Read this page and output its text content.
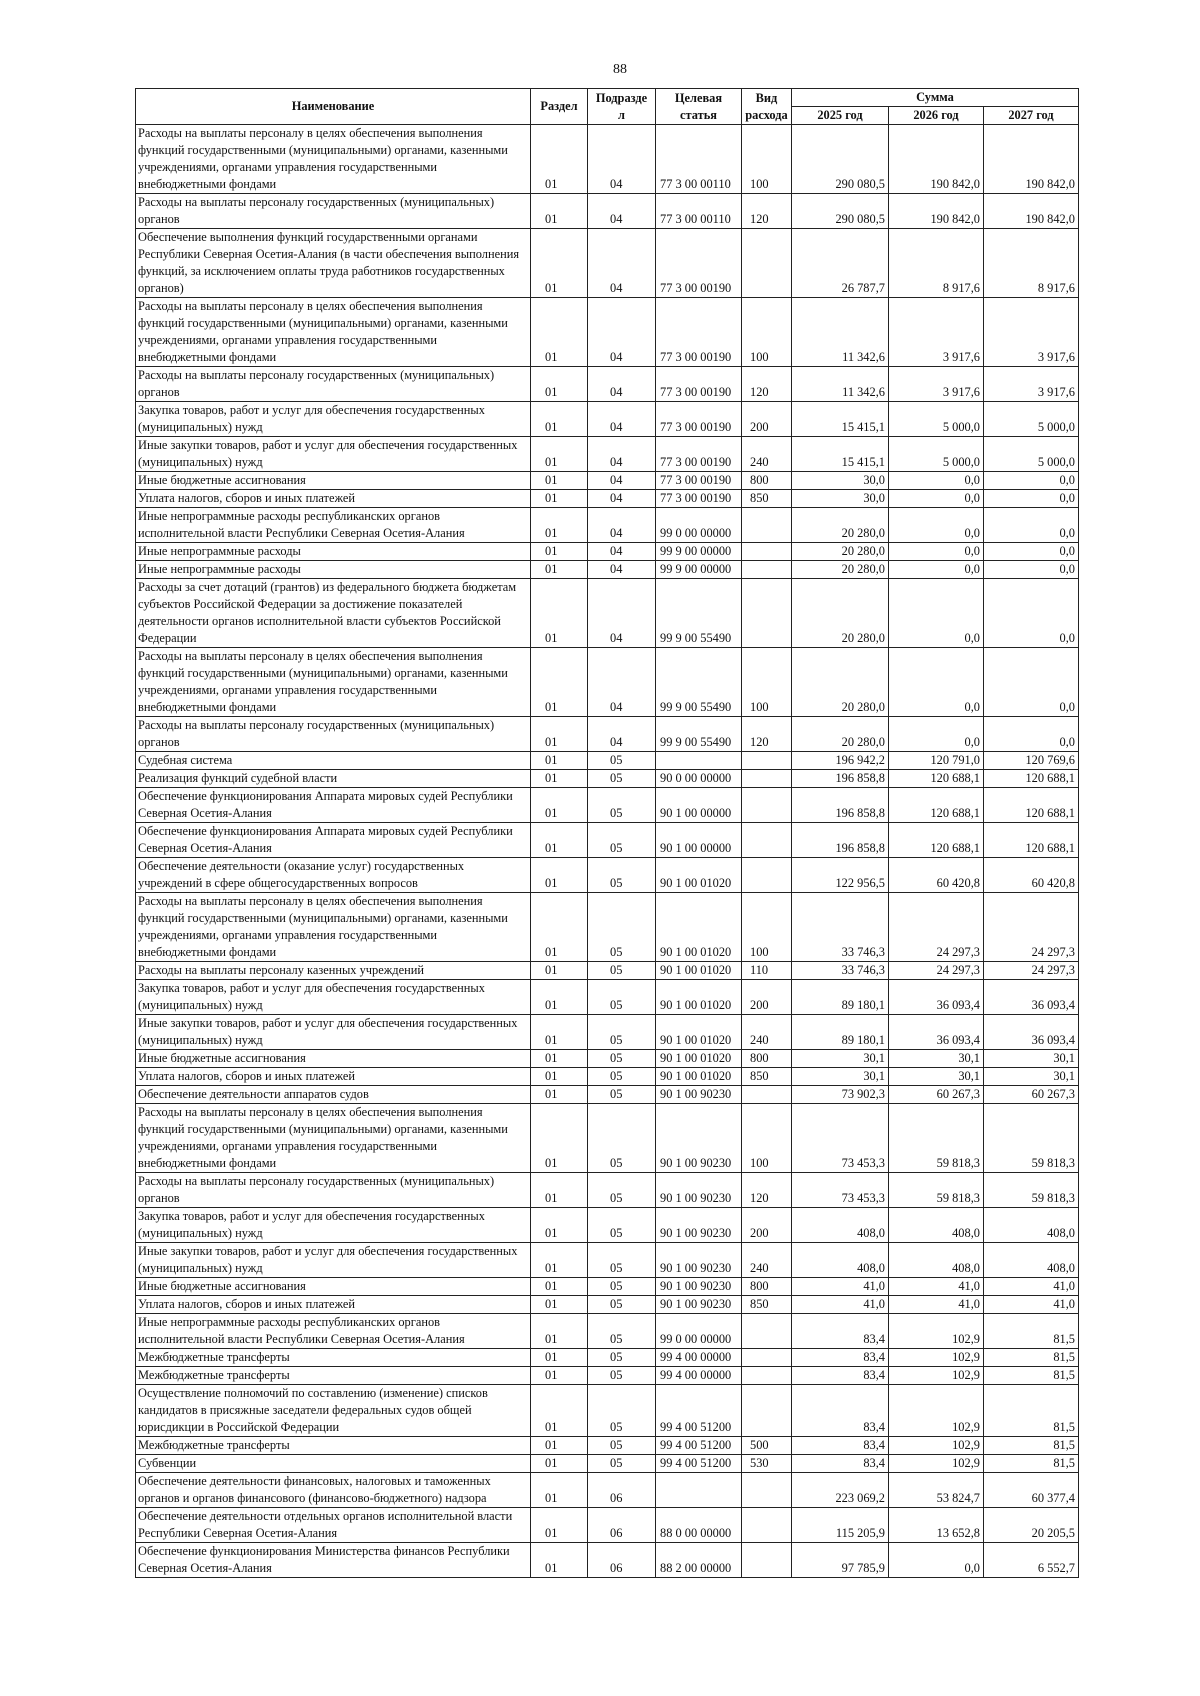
88
Наименование	Раздел	Подразде л	Целевая статья	Вид расхода	Сумма		
					2025 год	2026 год	2027 год
Расходы на выплаты персоналу в целях обеспечения выполнения функций государственными (муниципальными) органами, казенными учреждениями, органами управления государственными внебюджетными фондами	01	04	77 3 00 00110	100	290 080,5	190 842,0	190 842,0
Расходы на выплаты персоналу государственных (муниципальных) органов	01	04	77 3 00 00110	120	290 080,5	190 842,0	190 842,0
Обеспечение выполнения функций государственными органами Республики Северная Осетия-Алания (в части обеспечения выполнения функций, за исключением оплаты труда работников государственных органов)	01	04	77 3 00 00190		26 787,7	8 917,6	8 917,6
Расходы на выплаты персоналу в целях обеспечения выполнения функций государственными (муниципальными) органами, казенными учреждениями, органами управления государственными внебюджетными фондами	01	04	77 3 00 00190	100	11 342,6	3 917,6	3 917,6
Расходы на выплаты персоналу государственных (муниципальных) органов	01	04	77 3 00 00190	120	11 342,6	3 917,6	3 917,6
Закупка товаров, работ и услуг для обеспечения государственных (муниципальных) нужд	01	04	77 3 00 00190	200	15 415,1	5 000,0	5 000,0
Иные закупки товаров, работ и услуг для обеспечения государственных (муниципальных) нужд	01	04	77 3 00 00190	240	15 415,1	5 000,0	5 000,0
Иные бюджетные ассигнования	01	04	77 3 00 00190	800	30,0	0,0	0,0
Уплата налогов, сборов и иных платежей	01	04	77 3 00 00190	850	30,0	0,0	0,0
Иные непрограммные расходы республиканских органов исполнительной власти Республики Северная Осетия-Алания	01	04	99 0 00 00000		20 280,0	0,0	0,0
Иные непрограммные расходы	01	04	99 9 00 00000		20 280,0	0,0	0,0
Иные непрограммные расходы	01	04	99 9 00 00000		20 280,0	0,0	0,0
Расходы за счет дотаций (грантов) из федерального бюджета бюджетам субъектов Российской Федерации за достижение показателей деятельности органов исполнительной власти субъектов Российской Федерации	01	04	99 9 00 55490		20 280,0	0,0	0,0
Расходы на выплаты персоналу в целях обеспечения выполнения функций государственными (муниципальными) органами, казенными учреждениями, органами управления государственными внебюджетными фондами	01	04	99 9 00 55490	100	20 280,0	0,0	0,0
Расходы на выплаты персоналу государственных (муниципальных) органов	01	04	99 9 00 55490	120	20 280,0	0,0	0,0
Судебная система	01	05			196 942,2	120 791,0	120 769,6
Реализация функций судебной власти	01	05	90 0 00 00000		196 858,8	120 688,1	120 688,1
Обеспечение функционирования Аппарата мировых судей Республики Северная Осетия-Алания	01	05	90 1 00 00000		196 858,8	120 688,1	120 688,1
Обеспечение функционирования Аппарата мировых судей Республики Северная Осетия-Алания	01	05	90 1 00 00000		196 858,8	120 688,1	120 688,1
Обеспечение деятельности (оказание услуг) государственных учреждений в сфере общегосударственных вопросов	01	05	90 1 00 01020		122 956,5	60 420,8	60 420,8
Расходы на выплаты персоналу в целях обеспечения выполнения функций государственными (муниципальными) органами, казенными учреждениями, органами управления государственными внебюджетными фондами	01	05	90 1 00 01020	100	33 746,3	24 297,3	24 297,3
Расходы на выплаты персоналу казенных учреждений	01	05	90 1 00 01020	110	33 746,3	24 297,3	24 297,3
Закупка товаров, работ и услуг для обеспечения государственных (муниципальных) нужд	01	05	90 1 00 01020	200	89 180,1	36 093,4	36 093,4
Иные закупки товаров, работ и услуг для обеспечения государственных (муниципальных) нужд	01	05	90 1 00 01020	240	89 180,1	36 093,4	36 093,4
Иные бюджетные ассигнования	01	05	90 1 00 01020	800	30,1	30,1	30,1
Уплата налогов, сборов и иных платежей	01	05	90 1 00 01020	850	30,1	30,1	30,1
Обеспечение деятельности аппаратов судов	01	05	90 1 00 90230		73 902,3	60 267,3	60 267,3
Расходы на выплаты персоналу в целях обеспечения выполнения функций государственными (муниципальными) органами, казенными учреждениями, органами управления государственными внебюджетными фондами	01	05	90 1 00 90230	100	73 453,3	59 818,3	59 818,3
Расходы на выплаты персоналу государственных (муниципальных) органов	01	05	90 1 00 90230	120	73 453,3	59 818,3	59 818,3
Закупка товаров, работ и услуг для обеспечения государственных (муниципальных) нужд	01	05	90 1 00 90230	200	408,0	408,0	408,0
Иные закупки товаров, работ и услуг для обеспечения государственных (муниципальных) нужд	01	05	90 1 00 90230	240	408,0	408,0	408,0
Иные бюджетные ассигнования	01	05	90 1 00 90230	800	41,0	41,0	41,0
Уплата налогов, сборов и иных платежей	01	05	90 1 00 90230	850	41,0	41,0	41,0
Иные непрограммные расходы республиканских органов исполнительной власти Республики Северная Осетия-Алания	01	05	99 0 00 00000		83,4	102,9	81,5
Межбюджетные трансферты	01	05	99 4 00 00000		83,4	102,9	81,5
Межбюджетные трансферты	01	05	99 4 00 00000		83,4	102,9	81,5
Осуществление полномочий по составлению (изменение) списков кандидатов в присяжные заседатели федеральных судов общей юрисдикции в Российской Федерации	01	05	99 4 00 51200		83,4	102,9	81,5
Межбюджетные трансферты	01	05	99 4 00 51200	500	83,4	102,9	81,5
Субвенции	01	05	99 4 00 51200	530	83,4	102,9	81,5
Обеспечение деятельности финансовых, налоговых и таможенных органов и органов финансового (финансово-бюджетного) надзора	01	06			223 069,2	53 824,7	60 377,4
Обеспечение деятельности отдельных органов исполнительной власти Республики Северная Осетия-Алания	01	06	88 0 00 00000		115 205,9	13 652,8	20 205,5
Обеспечение функционирования Министерства финансов Республики Северная Осетия-Алания	01	06	88 2 00 00000		97 785,9	0,0	6 552,7
